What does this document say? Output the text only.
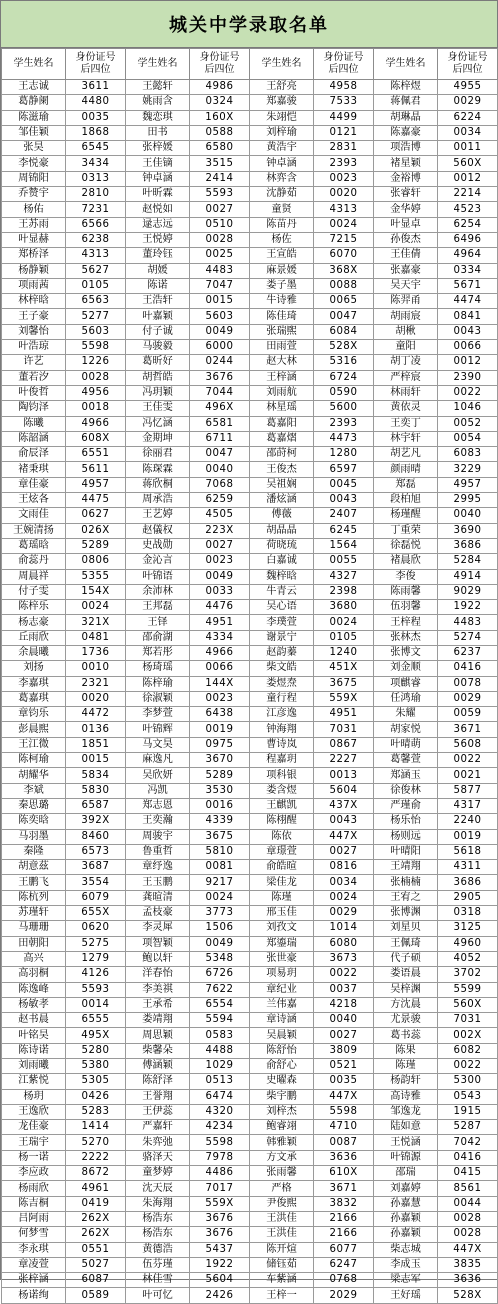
城关中学录取名单
学生姓名	身份证号
后四位	学生姓名	身份证号
后四位	学生姓名	身份证号
后四位	学生姓名	身份证号
后四位
王志诚	3611	王懿轩	4986	王舒亮	4958	陈梓煜	4955
葛静阑	4480	姚雨含	0324	郑嘉骏	7533	蒋佩君	0029
陈滋瑜	0035	魏恋琪	160X	朱翊恺	4499	胡琳晶	6224
邹佳颖	1868	田书	0588	刘梓瑜	0121	陈嘉豪	0034
张昊	6545	张梓媛	6580	黄浩宇	2831	项浩博	0011
李悦豪	3434	王佳镝	3515	钟卓涵	2393	褚星颖	560X
周锦阳	0313	钟卓涵	2414	林弈含	0023	金裕博	0012
乔赞宇	2810	叶昕霖	5593	沈静茹	0020	张睿轩	2214
杨佑	7231	赵悦如	0027	童贤	4313	金华婷	4523
王苏雨	6566	逯志远	0510	陈苗丹	0024	叶显卓	6254
叶显赫	6238	王悦婷	0028	杨佐	7215	孙俊杰	6496
郑桥泽	4313	董玲钰	0025	王宣皓	6070	王佳倩	4964
杨静颖	5627	胡媛	4483	麻景媛	368X	张嘉豪	0334
项雨茜	0105	陈诺	7047	娄子墨	0088	吴天宇	5671
林梓晗	6563	王浩轩	0015	牛诗雅	0065	陈羿甬	4474
王子豪	5277	叶嘉颖	5603	陈佳琦	0047	胡雨宸	0841
刘馨怡	5603	付子诚	0049	张瑞煕	6084	胡楸	0043
叶浩琼	5598	马骏毅	6000	田雨萱	528X	童阳	0066
许艺	1226	葛昕好	0244	赵大林	5316	胡丁凌	0012
董若汐	0028	胡哲皓	3676	王梓涵	6724	严梓宸	2390
叶俊哲	4956	冯玥颖	7044	刘雨航	0590	林雨轩	0022
陶钧泽	0018	王佳雯	496X	林星瑶	5600	黄依灵	1046
陈曦	4966	冯忆涵	6581	葛嘉阳	2393	王奕丁	0052
陈韶涵	608X	金期坤	6711	葛嘉熠	4473	林宇轩	0054
俞辰泽	6551	徐丽君	0047	邵莳柯	1280	胡艺凡	6083
褚秉琪	5611	陈琛霖	0040	王俊杰	6597	颜雨晴	3229
章佳豪	4957	蒋欣桐	7068	吴祖娴	0045	郑磊	4957
王炫各	4475	周承浩	6259	潘炫涵	0043	段柏旭	2995
文雨佳	0627	王艺婷	4505	傅薇	2407	杨瑾醒	0040
王婉清扬	026X	赵儀权	223X	胡晶晶	6245	丁重荣	3690
葛瑶晗	5289	史战勋	0027	荷晓琉	1564	徐磊悦	3686
俞蕊丹	0806	金沁言	0023	白嘉诚	0055	褚晨欣	5284
周晨祥	5355	叶锦语	0049	魏梓晗	4327	李俊	4914
付子雯	154X	余沛林	0033	牛青云	2398	陈雨馨	9029
陈梓乐	0024	王邦磊	4476	吴心语	3680	伍羽馨	1922
杨志豪	321X	王铎	4951	李璞萱	0024	王梓程	4483
丘雨欣	0481	邵俞湖	4334	谢景宁	0105	张林杰	5274
余晨曦	1736	郑若彤	4966	赵韵蓁	1240	张博文	6237
刘扬	0010	杨琦瑶	0066	柴文皓	451X	刘金顺	0416
李嘉琪	2321	陈梓瑜	144X	娄煜焘	3675	项麒睿	0078
葛嘉琪	0020	徐淑颖	0023	童行程	559X	任鸿瑜	0029
章钧乐	4472	李梦萱	6438	江彦逸	4951	朱耀	0059
彭晨熙	0136	叶锦辉	0019	钟海翔	7031	胡家悦	3671
王江微	1851	马文昊	0975	曹诗岚	0867	叶晴萌	5608
陈柯瑜	0015	麻逸凡	3670	程嘉玥	2227	葛馨萱	0022
胡耀华	5834	吴欣妍	5289	项科银	0013	郑涵玉	0021
李斌	5830	冯凯	3530	娄含煜	5604	徐俊林	5877
秦思璐	6587	郑志恩	0016	王麒凯	437X	严瑾俞	4317
陈奕晗	392X	王奕瀚	4339	陈栩醒	0043	杨乐怡	2240
马羽墨	8460	周骏宇	3675	陈依	447X	杨则远	0019
秦隆	6573	鲁重哲	5810	章璟萱	0027	叶晴阳	5618
胡意茲	3687	章纾逸	0081	俞皓暄	0816	王靖翔	4311
王鹏飞	3554	王玉鹏	9217	梁佳龙	0034	张楠楠	3686
陈杭列	6079	龚暄清	0024	陈瑾	0024	王宥之	2905
苏瑾轩	655X	孟枝豪	3773	邢玉佳	0029	张博渊	0318
马珊珊	0620	李灵犀	1506	刘孜文	1014	刘星贝	3125
田朝阳	5275	项智颖	0049	郑鎏瑞	6080	王佩琦	4960
高兴	1279	鲍以轩	5348	张世豪	3673	代子硕	4052
高羽桐	4126	洋春怡	6726	项易玥	0022	娄语晨	3702
陈逸峰	5593	李美祺	7622	章纪业	0037	吴梓渊	5599
杨敏孝	0014	王承希	6554	兰伟嘉	4218	方沈晨	560X
赵书晨	6555	娄靖翔	5594	章诗涵	0040	尤景骏	7031
叶铭昊	495X	周思颖	0583	吴晨颖	0027	葛书蕊	002X
陈诗诺	5280	柴馨朵	4488	陈舒怡	3809	陈果	6082
刘雨曦	5380	傅涵颖	1029	俞舒心	0521	陈瑾	0022
江紫悦	5305	陈舒泽	0513	史曜森	0035	杨韵轩	5300
杨玥	0426	王誉翔	6474	柴宇鹏	447X	高诗雅	0543
王逸欣	5283	王伊蕊	4320	刘梓杰	5598	邹逸龙	1915
龙佳豪	1414	严嘉轩	4234	鲍睿翊	4710	陆如意	5287
王瑞宇	5270	朱弈弛	5598	韩雅颖	0087	王悦涵	7042
杨一诺	2222	骆泽天	7978	方文承	3636	叶锦源	0416
李应政	8672	童梦婷	4486	张雨馨	610X	邵瑞	0415
杨雨欣	4961	沈天辰	7017	严格	3671	刘嘉婷	8561
陈吉桐	0419	朱海翔	559X	尹俊熙	3832	孙嘉慧	0044
吕阿雨	262X	杨浩东	3676	王洪佳	2166	孙嘉颖	0028
何梦雪	262X	杨浩东	3676	王洪佳	2166	孙嘉颖	0028
李永琪	0551	黄德浩	5437	陈开煊	6077	柴志城	447X
章凌萱	5027	伍芬瑾	1922	储钰茹	6247	李成玉	3835
张梓涵	6087	林佳雪	5604	车紫涵	0768	梁志军	3636
杨诺绚	0589	叶可忆	2426	王梓一	2029	王好瑶	528X
